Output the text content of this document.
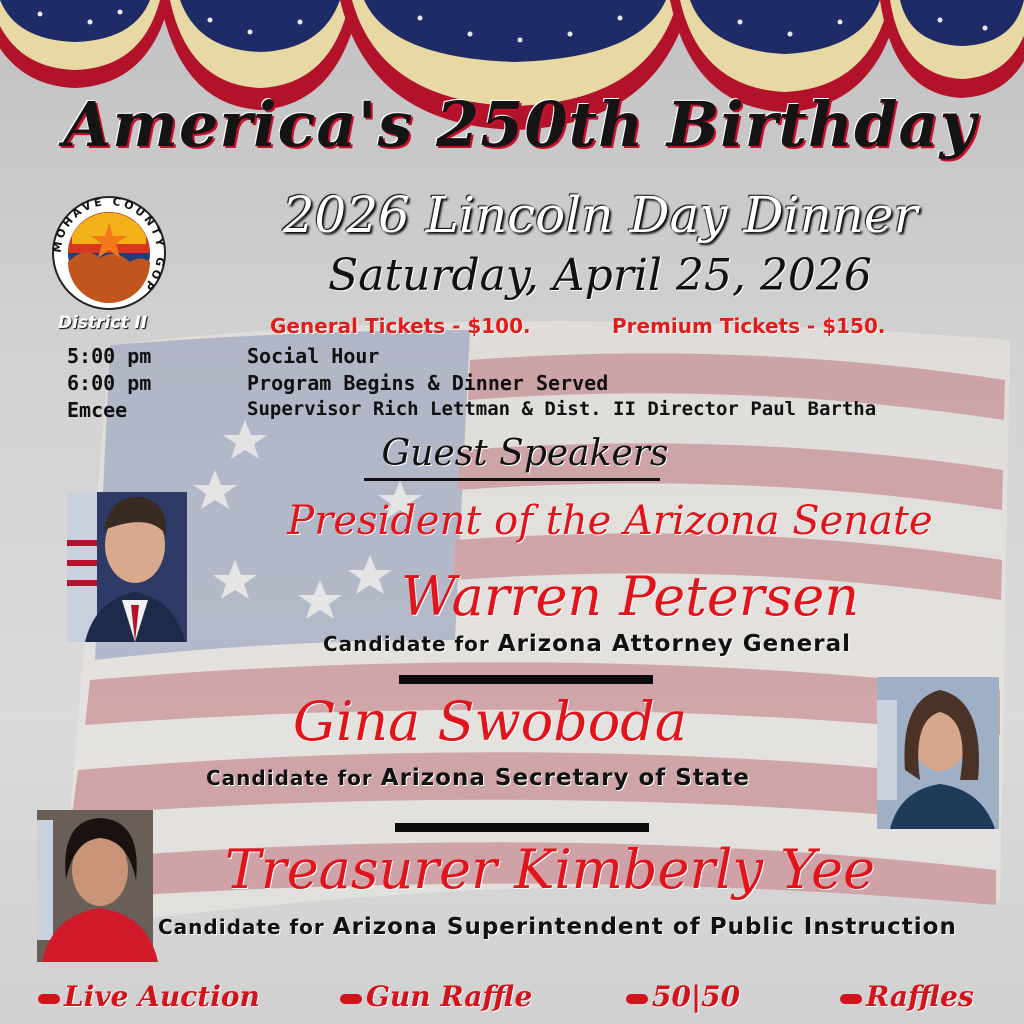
OHAVE COUNT OP
District II
America's 250th Birthday
2026 Lincoln Day Dinner
Saturday, April 25, 2026
General Tickets - $100.	Premium Tickets - $150.
5:00 pm	Social Hour
6:00 pm	Program Begins & Dinner Served
Emcee	Supervisor Rich Lettman & Dist. II Director Paul Bartha
Guest Speakers
President of the Arizona Senate
Warren Petersen
Candidate for Arizona Attorney General
Gina Swoboda
Candidate for Arizona Secretary of State
Treasurer Kimberly Yee
Candidate for Arizona Superintendent of Public Instruction
Live Auction	Gun Raffle	50|50	Raffles
